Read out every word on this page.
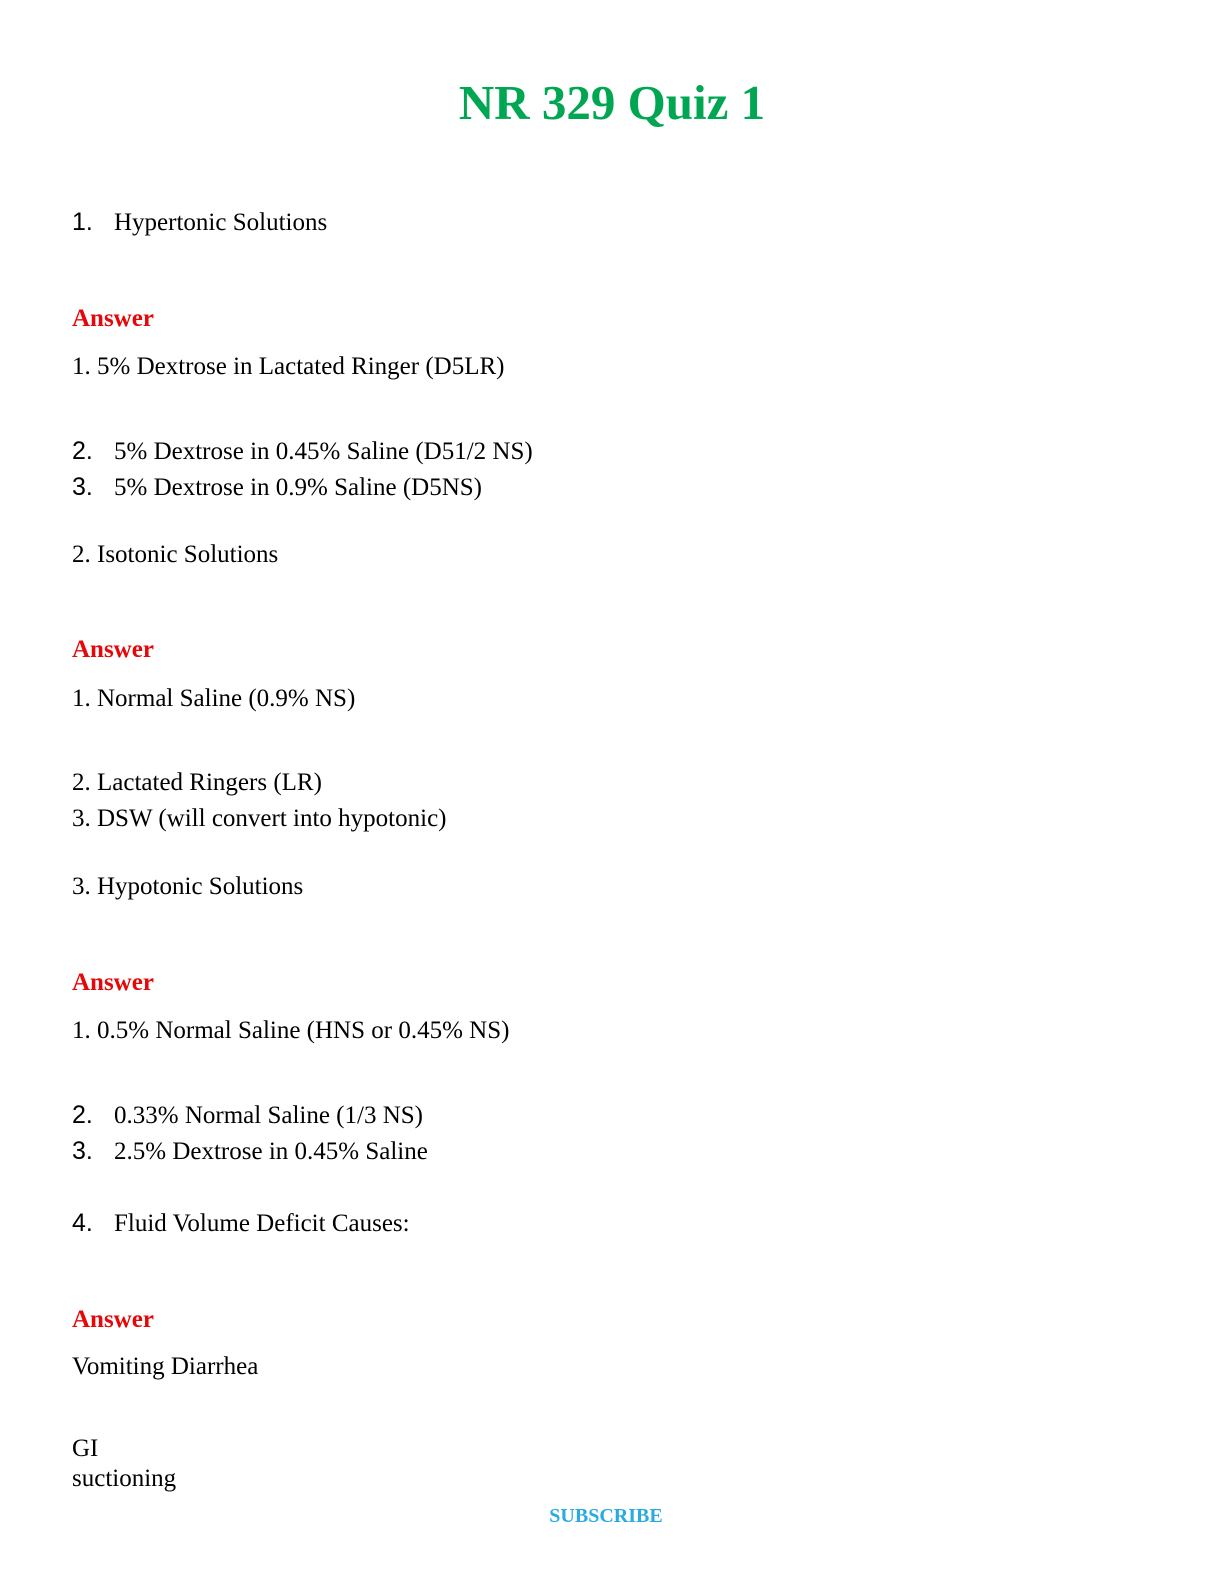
NR 329 Quiz 1
1. Hypertonic Solutions
Answer
1. 5% Dextrose in Lactated Ringer (D5LR)
2. 5% Dextrose in 0.45% Saline (D51/2 NS)
3. 5% Dextrose in 0.9% Saline (D5NS)
2. Isotonic Solutions
Answer
1. Normal Saline (0.9% NS)
2. Lactated Ringers (LR)
3. DSW (will convert into hypotonic)
3. Hypotonic Solutions
Answer
1. 0.5% Normal Saline (HNS or 0.45% NS)
2. 0.33% Normal Saline (1/3 NS)
3. 2.5% Dextrose in 0.45% Saline
4. Fluid Volume Deficit Causes:
Answer
Vomiting Diarrhea
GI
suctioning
SUBSCRIBE
